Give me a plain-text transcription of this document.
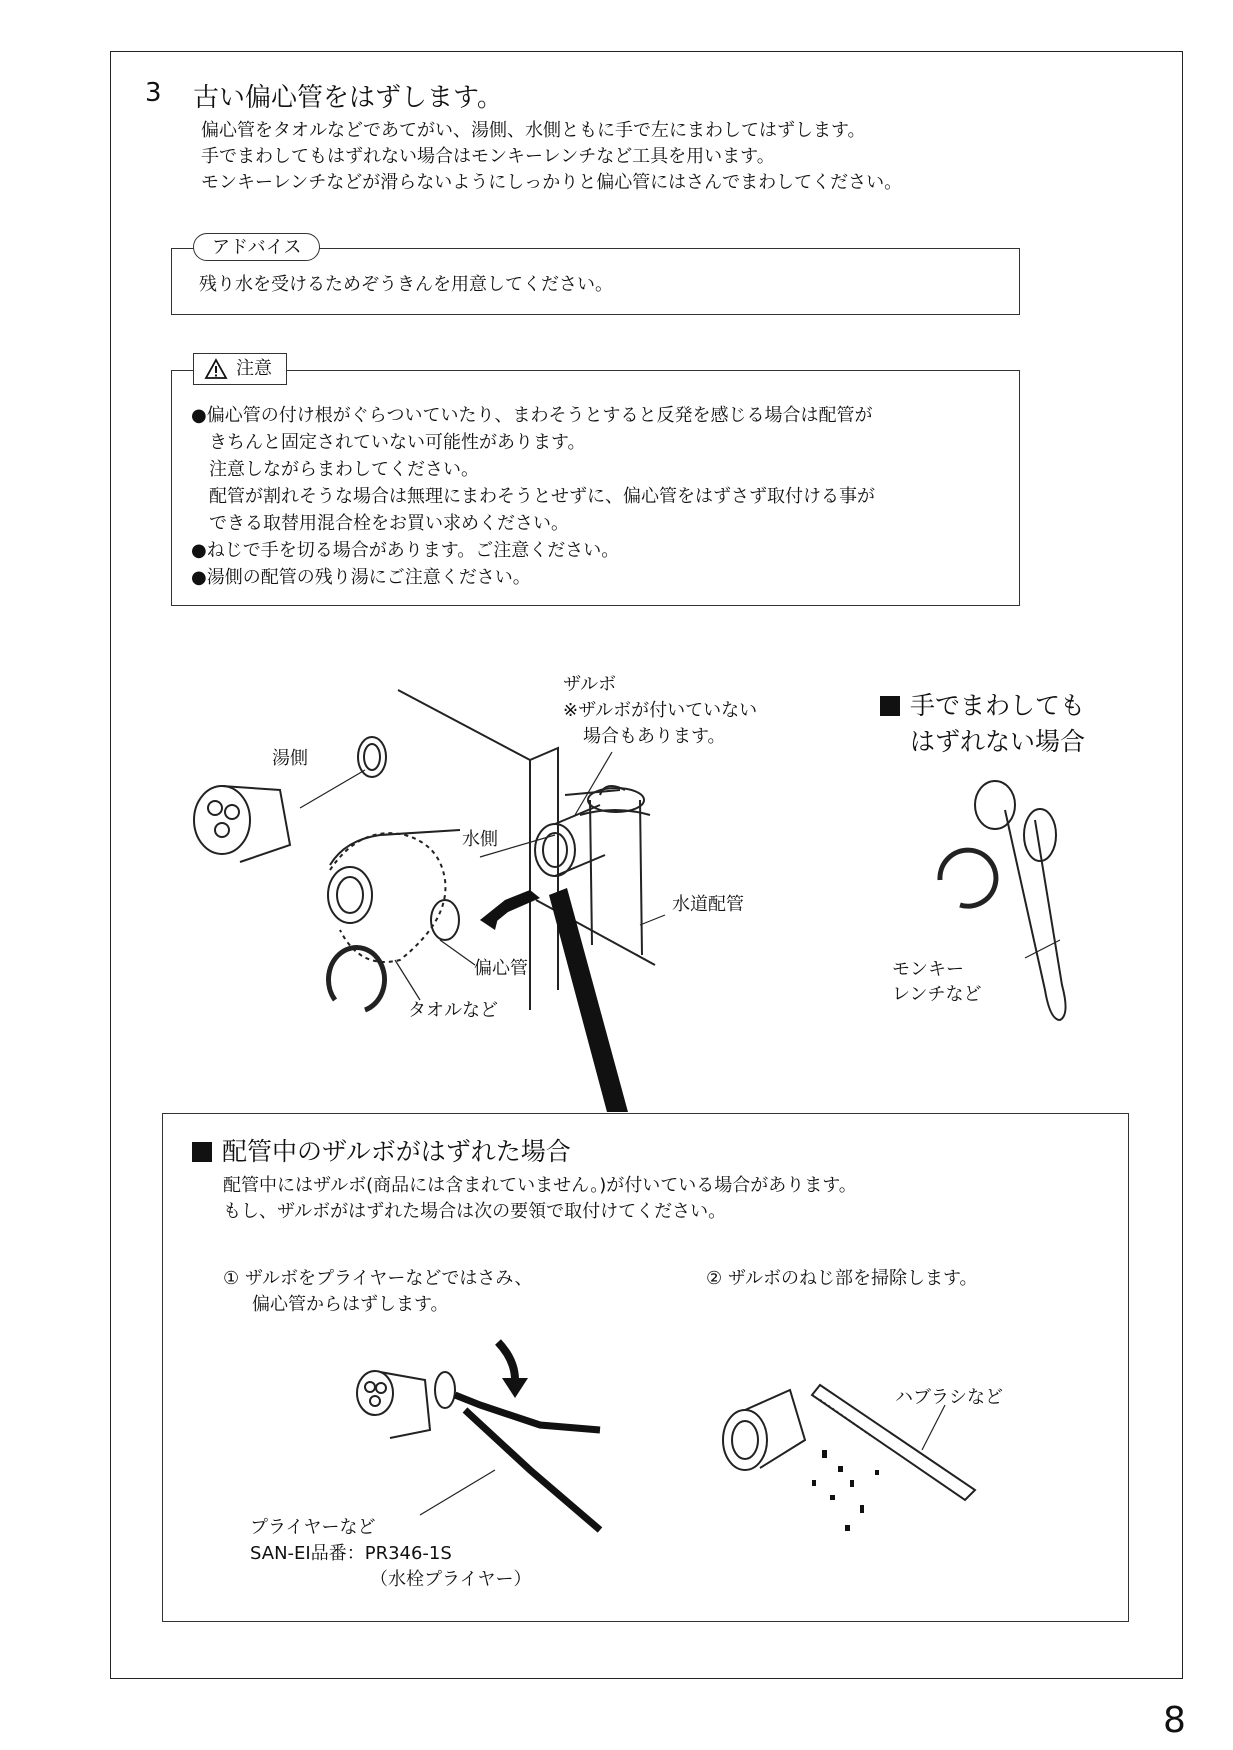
3 古い偏心管をはずします。
偏心管をタオルなどであてがい、湯側、水側ともに手で左にまわしてはずします。
手でまわしてもはずれない場合はモンキーレンチなど工具を用います。
モンキーレンチなどが滑らないようにしっかりと偏心管にはさんでまわしてください。
アドバイス
残り水を受けるためぞうきんを用意してください。
注意
●偏心管の付け根がぐらついていたり、まわそうとすると反発を感じる場合は配管が
　きちんと固定されていない可能性があります。
　注意しながらまわしてください。
　配管が割れそうな場合は無理にまわそうとせずに、偏心管をはずさず取付ける事が
　できる取替用混合栓をお買い求めください。
●ねじで手を切る場合があります。ご注意ください。
●湯側の配管の残り湯にご注意ください。
湯側
水側
ザルボ
※ザルボが付いていない
場合もあります。
水道配管
偏心管
タオルなど
手でまわしても
はずれない場合
モンキー
レンチなど
配管中のザルボがはずれた場合
配管中にはザルボ(商品には含まれていません。)が付いている場合があります。
もし、ザルボがはずれた場合は次の要領で取付けてください。
① ザルボをプライヤーなどではさみ、
偏心管からはずします。
② ザルボのねじ部を掃除します。
プライヤーなど
SAN-EI品番：PR346-1S
（水栓プライヤー）
ハブラシなど
8
